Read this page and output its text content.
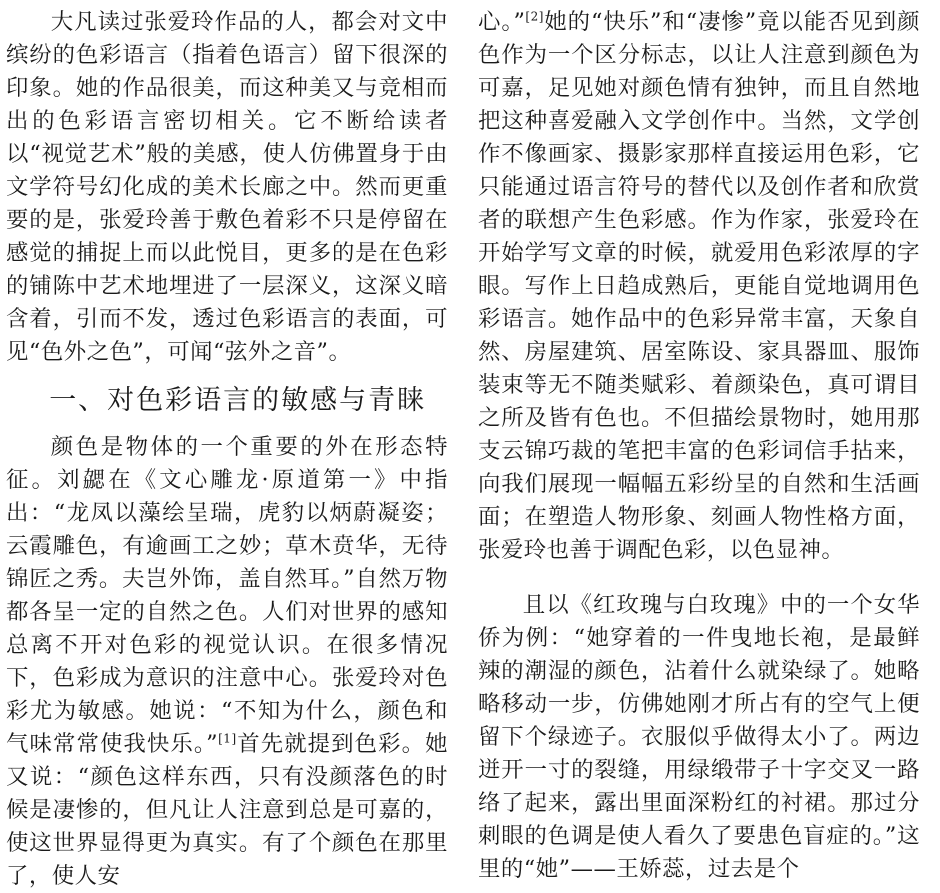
大凡读过张爱玲作品的人，都会对文中缤纷的色彩语言（指着色语言）留下很深的印象。她的作品很美，而这种美又与竞相而出的色彩语言密切相关。它不断给读者以“视觉艺术”般的美感，使人仿佛置身于由文学符号幻化成的美术长廊之中。然而更重要的是，张爱玲善于敷色着彩不只是停留在感觉的捕捉上而以此悦目，更多的是在色彩的铺陈中艺术地埋进了一层深义，这深义暗含着，引而不发，透过色彩语言的表面，可见“色外之色”，可闻“弦外之音”。

一、对色彩语言的敏感与青睐

颜色是物体的一个重要的外在形态特征。刘勰在《文心雕龙·原道第一》中指出：“龙凤以藻绘呈瑞，虎豹以炳蔚凝姿；云霞雕色，有逾画工之妙；草木贲华，无待锦匠之秀。夫岂外饰，盖自然耳。”自然万物都各呈一定的自然之色。人们对世界的感知总离不开对色彩的视觉认识。在很多情况下，色彩成为意识的注意中心。张爱玲对色彩尤为敏感。她说：“不知为什么，颜色和气味常常使我快乐。”[1]首先就提到色彩。她又说：“颜色这样东西，只有没颜落色的时候是凄惨的，但凡让人注意到总是可嘉的，使这世界显得更为真实。有了个颜色在那里了，使人安

心。”[2]她的“快乐”和“凄惨”竟以能否见到颜色作为一个区分标志，以让人注意到颜色为可嘉，足见她对颜色情有独钟，而且自然地把这种喜爱融入文学创作中。当然，文学创作不像画家、摄影家那样直接运用色彩，它只能通过语言符号的替代以及创作者和欣赏者的联想产生色彩感。作为作家，张爱玲在开始学写文章的时候，就爱用色彩浓厚的字眼。写作上日趋成熟后，更能自觉地调用色彩语言。她作品中的色彩异常丰富，天象自然、房屋建筑、居室陈设、家具器皿、服饰装束等无不随类赋彩、着颜染色，真可谓目之所及皆有色也。不但描绘景物时，她用那支云锦巧裁的笔把丰富的色彩词信手拈来，向我们展现一幅幅五彩纷呈的自然和生活画面；在塑造人物形象、刻画人物性格方面，张爱玲也善于调配色彩，以色显神。

且以《红玫瑰与白玫瑰》中的一个女华侨为例：“她穿着的一件曳地长袍，是最鲜辣的潮湿的颜色，沾着什么就染绿了。她略略移动一步，仿佛她刚才所占有的空气上便留下个绿迹子。衣服似乎做得太小了。两边迸开一寸的裂缝，用绿缎带子十字交叉一路络了起来，露出里面深粉红的衬裙。那过分刺眼的色调是使人看久了要患色盲症的。”这里的“她”——王娇蕊，过去是个
